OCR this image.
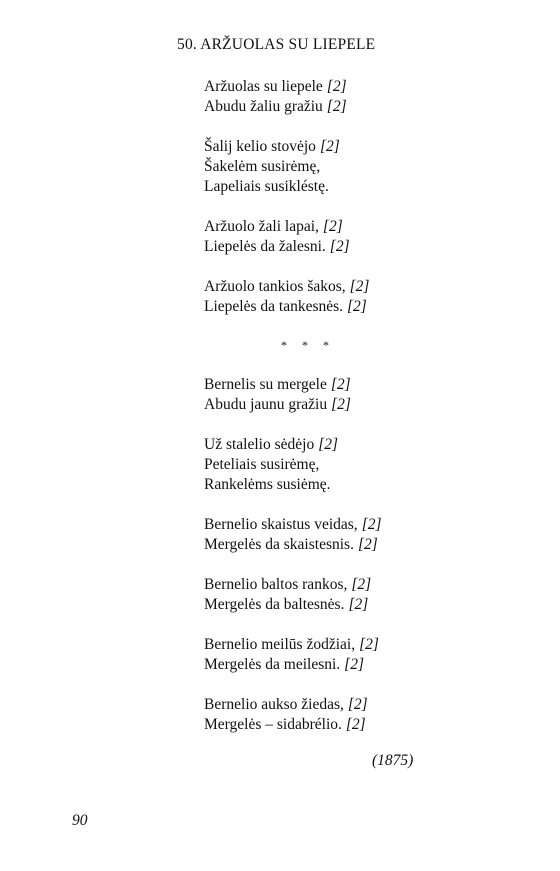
50. ARŽUOLAS SU LIEPELE
Aržuolas su liepele [2]
Abudu žaliu gražiu [2]
Šalij kelio stovėjo [2]
Šakelėm susirėmę,
Lapeliais susikléstę.
Aržuolo žali lapai, [2]
Liepelės da žalesni. [2]
Aržuolo tankios šakos, [2]
Liepelės da tankesnės. [2]
* * *
Bernelis su mergele [2]
Abudu jaunu gražiu [2]
Už stalelio sėdėjo [2]
Peteliais susirėmę,
Rankelėms susiėmę.
Bernelio skaistus veidas, [2]
Mergelės da skaistesnis. [2]
Bernelio baltos rankos, [2]
Mergelės da baltesnės. [2]
Bernelio meilūs žodžiai, [2]
Mergelės da meilesni. [2]
Bernelio aukso žiedas, [2]
Mergelės – sidabrélio. [2]
(1875)
90
